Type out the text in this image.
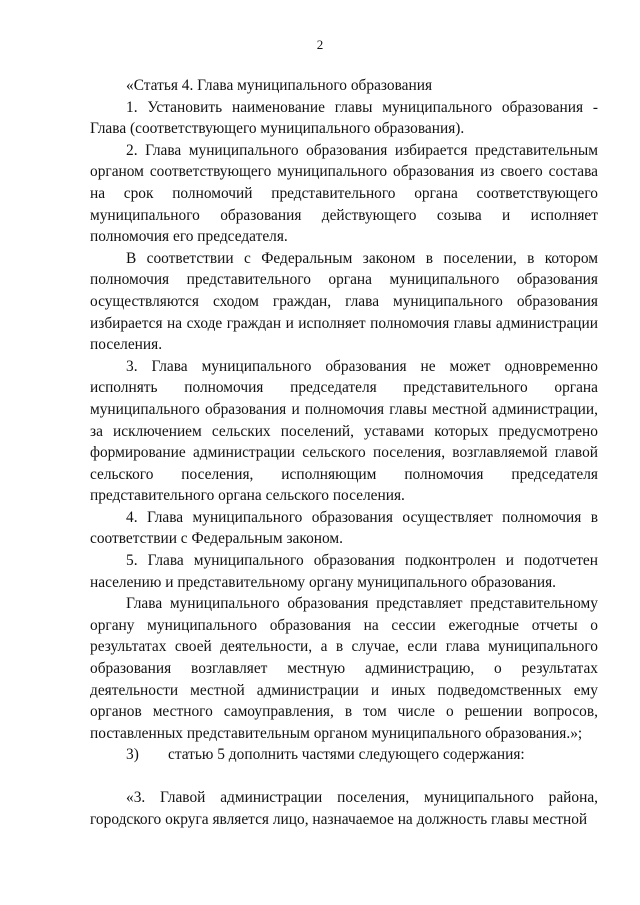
2

«Статья 4. Глава муниципального образования

1. Установить наименование главы муниципального образования - Глава (соответствующего муниципального образования).

2. Глава муниципального образования избирается представительным органом соответствующего муниципального образования из своего состава на срок полномочий представительного органа соответствующего муниципального образования действующего созыва и исполняет полномочия его председателя.

В соответствии с Федеральным законом в поселении, в котором полномочия представительного органа муниципального образования осуществляются сходом граждан, глава муниципального образования избирается на сходе граждан и исполняет полномочия главы администрации поселения.

3. Глава муниципального образования не может одновременно исполнять полномочия председателя представительного органа муниципального образования и полномочия главы местной администрации, за исключением сельских поселений, уставами которых предусмотрено формирование администрации сельского поселения, возглавляемой главой сельского поселения, исполняющим полномочия председателя представительного органа сельского поселения.

4. Глава муниципального образования осуществляет полномочия в соответствии с Федеральным законом.

5. Глава муниципального образования подконтролен и подотчетен населению и представительному органу муниципального образования.

Глава муниципального образования представляет представительному органу муниципального образования на сессии ежегодные отчеты о результатах своей деятельности, а в случае, если глава муниципального образования возглавляет местную администрацию, о результатах деятельности местной администрации и иных подведомственных ему органов местного самоуправления, в том числе о решении вопросов, поставленных представительным органом муниципального образования.»;

3) статью 5 дополнить частями следующего содержания:

«3. Главой администрации поселения, муниципального района, городского округа является лицо, назначаемое на должность главы местной
